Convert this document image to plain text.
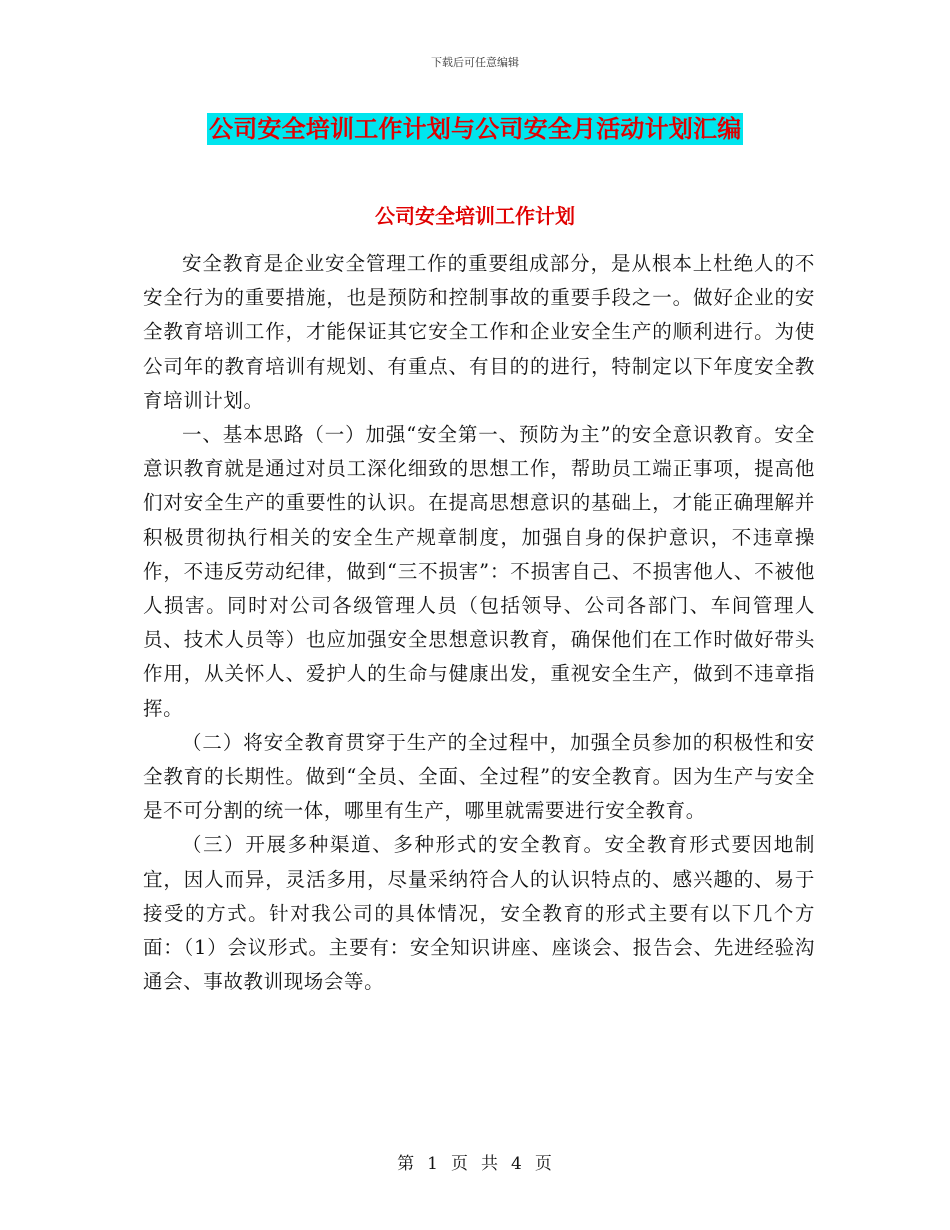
下载后可任意编辑
公司安全培训工作计划与公司安全月活动计划汇编
公司安全培训工作计划

安全教育是企业安全管理工作的重要组成部分，是从根本上杜绝人的不安全行为的重要措施，也是预防和控制事故的重要手段之一。做好企业的安全教育培训工作，才能保证其它安全工作和企业安全生产的顺利进行。为使公司年的教育培训有规划、有重点、有目的的进行，特制定以下年度安全教育培训计划。

一、基本思路（一）加强“安全第一、预防为主”的安全意识教育。安全意识教育就是通过对员工深化细致的思想工作，帮助员工端正事项，提高他们对安全生产的重要性的认识。在提高思想意识的基础上，才能正确理解并积极贯彻执行相关的安全生产规章制度，加强自身的保护意识，不违章操作，不违反劳动纪律，做到“三不损害”：不损害自己、不损害他人、不被他人损害。同时对公司各级管理人员（包括领导、公司各部门、车间管理人员、技术人员等）也应加强安全思想意识教育，确保他们在工作时做好带头作用，从关怀人、爱护人的生命与健康出发，重视安全生产，做到不违章指挥。

（二）将安全教育贯穿于生产的全过程中，加强全员参加的积极性和安全教育的长期性。做到“全员、全面、全过程”的安全教育。因为生产与安全是不可分割的统一体，哪里有生产，哪里就需要进行安全教育。

（三）开展多种渠道、多种形式的安全教育。安全教育形式要因地制宜，因人而异，灵活多用，尽量采纳符合人的认识特点的、感兴趣的、易于接受的方式。针对我公司的具体情况，安全教育的形式主要有以下几个方面：（1）会议形式。主要有：安全知识讲座、座谈会、报告会、先进经验沟通会、事故教训现场会等。

第 1 页 共 4 页
